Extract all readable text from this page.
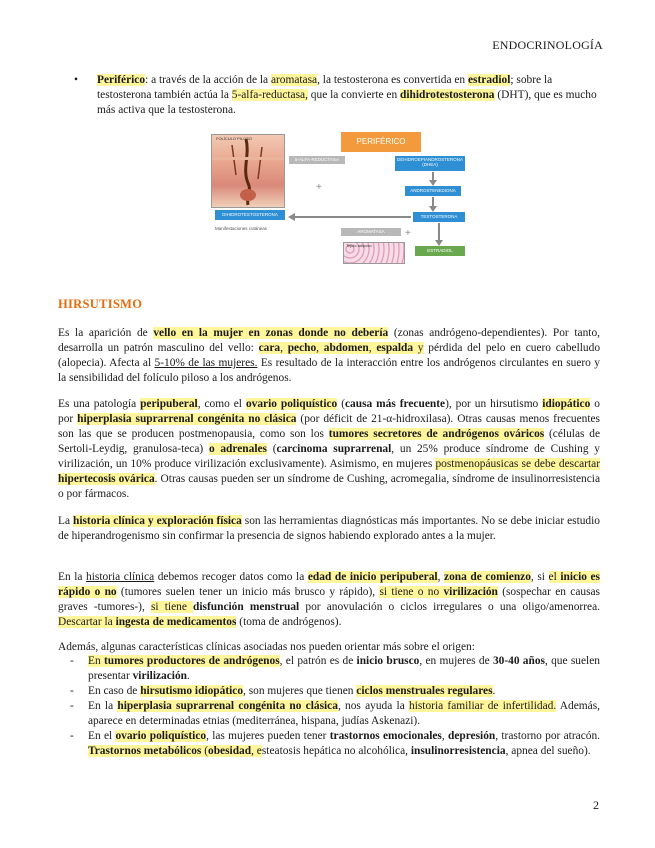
ENDOCRINOLOGÍA
• Periférico: a través de la acción de la aromatasa, la testosterona es convertida en estradiol; sobre la testosterona también actúa la 5-alfa-reductasa, que la convierte en dihidrotestosterona (DHT), que es mucho más activa que la testosterona.
FOLÍCULO PILOSO	PERIFÉRICO
5-ALFA-REDUCTASA	DEHIDROEPIANDROSTERONA (DHEA)
ANDROSTENEDIONA
TESTOSTERONA
DIHIDROTESTOSTERONA
Manifestaciones cutáneas
AROMATASA
ESTRADIOL
Tejido adiposo
+
+
HIRSUTISMO

Es la aparición de vello en la mujer en zonas donde no debería (zonas andrógeno-dependientes). Por tanto, desarrolla un patrón masculino del vello: cara, pecho, abdomen, espalda y pérdida del pelo en cuero cabelludo (alopecia). Afecta al 5-10% de las mujeres. Es resultado de la interacción entre los andrógenos circulantes en suero y la sensibilidad del folículo piloso a los andrógenos.

Es una patología peripuberal, como el ovario poliquístico (causa más frecuente), por un hirsutismo idiopático o por hiperplasia suprarrenal congénita no clásica (por déficit de 21-α-hidroxilasa). Otras causas menos frecuentes son las que se producen postmenopausia, como son los tumores secretores de andrógenos ováricos (células de Sertoli-Leydig, granulosa-teca) o adrenales (carcinoma suprarrenal, un 25% produce síndrome de Cushing y virilización, un 10% produce virilización exclusivamente). Asimismo, en mujeres postmenopáusicas se debe descartar hipertecosis ovárica. Otras causas pueden ser un síndrome de Cushing, acromegalia, síndrome de insulinorresistencia o por fármacos.

La historia clínica y exploración física son las herramientas diagnósticas más importantes. No se debe iniciar estudio de hiperandrogenismo sin confirmar la presencia de signos habiendo explorado antes a la mujer.

En la historia clínica debemos recoger datos como la edad de inicio peripuberal, zona de comienzo, si el inicio es rápido o no (tumores suelen tener un inicio más brusco y rápido), si tiene o no virilización (sospechar en causas graves -tumores-), si tiene disfunción menstrual por anovulación o ciclos irregulares o una oligo/amenorrea. Descartar la ingesta de medicamentos (toma de andrógenos).

Además, algunas características clínicas asociadas nos pueden orientar más sobre el origen:

- En tumores productores de andrógenos, el patrón es de inicio brusco, en mujeres de 30-40 años, que suelen presentar virilización.
- En caso de hirsutismo idiopático, son mujeres que tienen ciclos menstruales regulares.
- En la hiperplasia suprarrenal congénita no clásica, nos ayuda la historia familiar de infertilidad. Además, aparece en determinadas etnias (mediterránea, hispana, judías Askenazi).
- En el ovario poliquístico, las mujeres pueden tener trastornos emocionales, depresión, trastorno por atracón. Trastornos metabólicos (obesidad, esteatosis hepática no alcohólica, insulinorresistencia, apnea del sueño).
2
